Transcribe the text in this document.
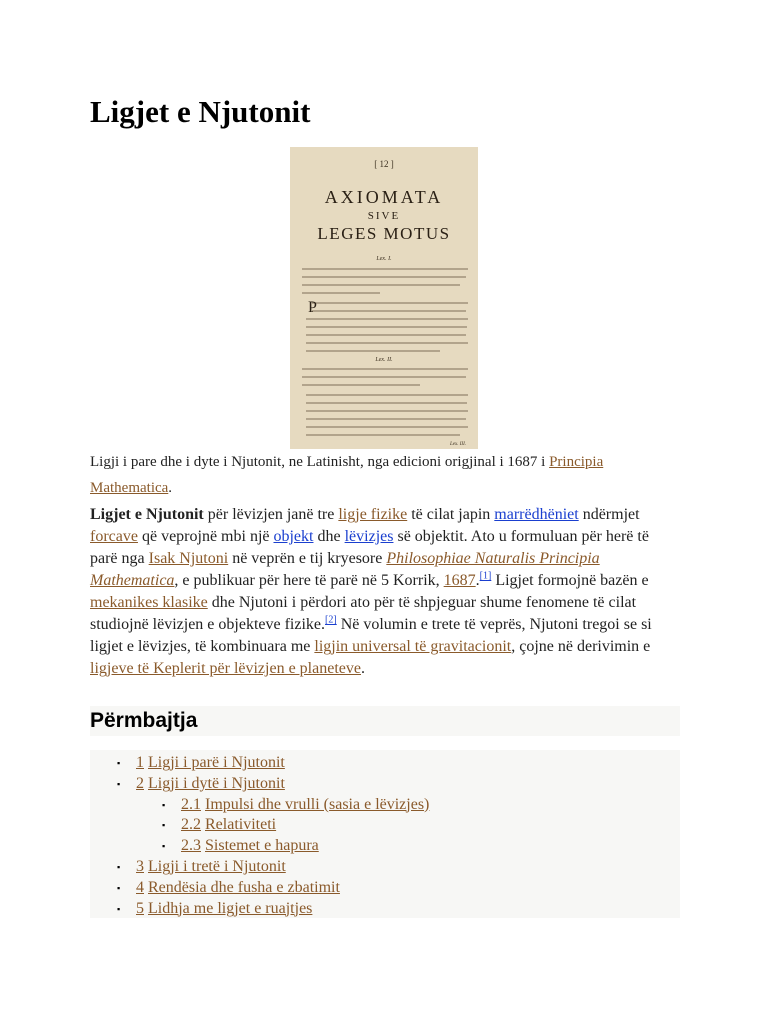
Ligjet e Njutonit
[ 12 ]
AXIOMATA
SIVE
LEGES MOTUS
Lex. I.
P
Lex. II.
Lex. III.

Ligji i pare dhe i dyte i Njutonit, ne Latinisht, nga edicioni origjinal i 1687 i Principia Mathematica.

Ligjet e Njutonit për lëvizjen janë tre ligje fizike të cilat japin marrëdhëniet ndërmjet forcave që veprojnë mbi një objekt dhe lëvizjes së objektit. Ato u formuluan për herë të parë nga Isak Njutoni në veprën e tij kryesore Philosophiae Naturalis Principia Mathematica, e publikuar për here të parë në 5 Korrik, 1687.[1] Ligjet formojnë bazën e mekanikes klasike dhe Njutoni i përdori ato për të shpjeguar shume fenomene të cilat studiojnë lëvizjen e objekteve fizike.[2] Në volumin e trete të veprës, Njutoni tregoi se si ligjet e lëvizjes, të kombinuara me ligjin universal të gravitacionit, çojne në derivimin e ligjeve të Keplerit për lëvizjen e planeteve.

Përmbajtja
▪ 1 Ligji i parë i Njutonit
▪ 2 Ligji i dytë i Njutonit
▪ 2.1 Impulsi dhe vrulli (sasia e lëvizjes)
▪ 2.2 Relativiteti
▪ 2.3 Sistemet e hapura
▪ 3 Ligji i tretë i Njutonit
▪ 4 Rendësia dhe fusha e zbatimit
▪ 5 Lidhja me ligjet e ruajtjes
